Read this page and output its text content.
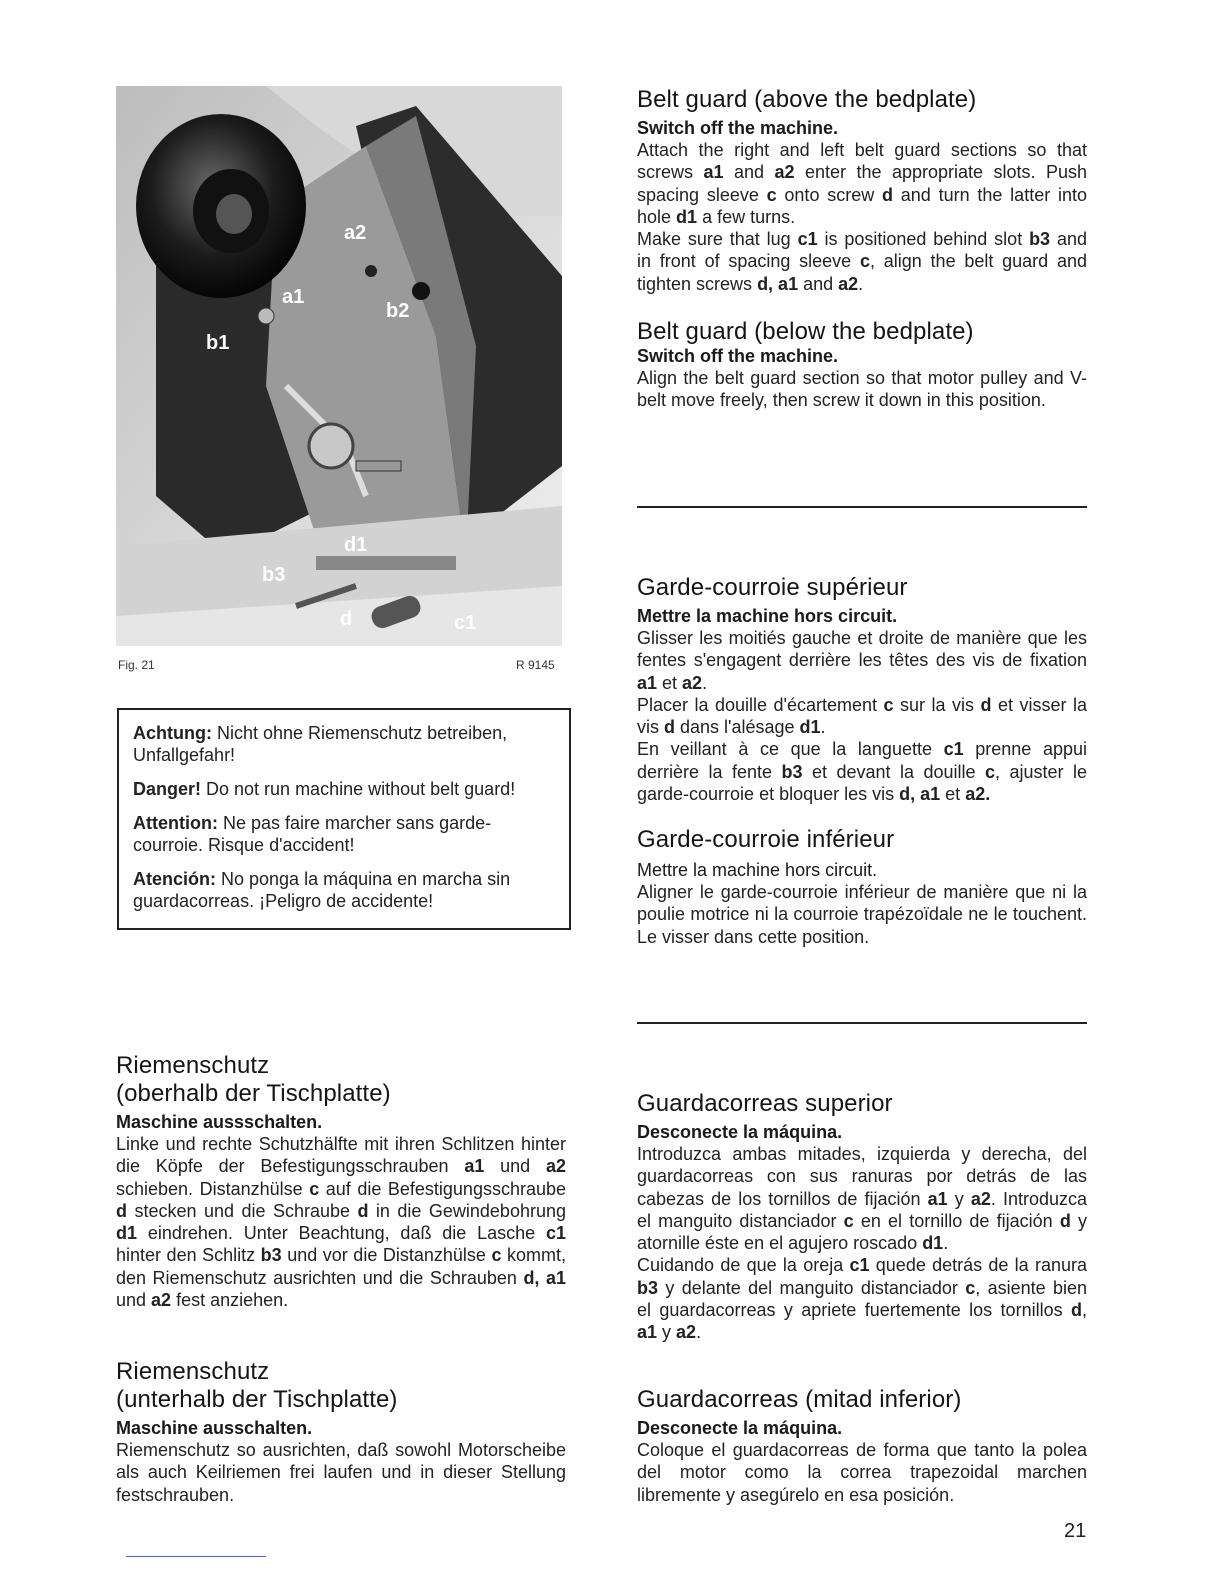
a2
a1
b2
b1
d1
b3
d	c1
Fig. 21	R 9145

Achtung: Nicht ohne Riemenschutz betreiben, Unfallgefahr!

Danger! Do not run machine without belt guard!

Attention: Ne pas faire marcher sans garde-courroie. Risque d'accident!

Atención: No ponga la máquina en marcha sin guardacorreas. ¡Peligro de accidente!

Belt guard (above the bedplate)
Switch off the machine.

Attach the right and left belt guard sections so that screws a1 and a2 enter the appropriate slots. Push spacing sleeve c onto screw d and turn the latter into hole d1 a few turns.

Make sure that lug c1 is positioned behind slot b3 and in front of spacing sleeve c, align the belt guard and tighten screws d, a1 and a2.

Belt guard (below the bedplate)
Switch off the machine.

Align the belt guard section so that motor pulley and V-belt move freely, then screw it down in this position.

Garde-courroie supérieur
Mettre la machine hors circuit.

Glisser les moitiés gauche et droite de manière que les fentes s'engagent derrière les têtes des vis de fixation a1 et a2.

Placer la douille d'écartement c sur la vis d et visser la vis d dans l'alésage d1.

En veillant à ce que la languette c1 prenne appui derrière la fente b3 et devant la douille c, ajuster le garde-courroie et bloquer les vis d, a1 et a2.

Garde-courroie inférieur
Mettre la machine hors circuit.

Aligner le garde-courroie inférieur de manière que ni la poulie motrice ni la courroie trapézoïdale ne le touchent. Le visser dans cette position.

Riemenschutz
(oberhalb der Tischplatte)
Maschine aussschalten.

Linke und rechte Schutzhälfte mit ihren Schlitzen hinter die Köpfe der Befestigungsschrauben a1 und a2 schieben. Distanzhülse c auf die Befestigungsschraube d stecken und die Schraube d in die Gewindebohrung d1 eindrehen. Unter Beachtung, daß die Lasche c1 hinter den Schlitz b3 und vor die Distanzhülse c kommt, den Riemenschutz ausrichten und die Schrauben d, a1 und a2 fest anziehen.

Riemenschutz
(unterhalb der Tischplatte)
Maschine ausschalten.

Riemenschutz so ausrichten, daß sowohl Motorscheibe als auch Keilriemen frei laufen und in dieser Stellung festschrauben.

Guardacorreas superior
Desconecte la máquina.

Introduzca ambas mitades, izquierda y derecha, del guardacorreas con sus ranuras por detrás de las cabezas de los tornillos de fijación a1 y a2. Introduzca el manguito distanciador c en el tornillo de fijación d y atornille éste en el agujero roscado d1.

Cuidando de que la oreja c1 quede detrás de la ranura b3 y delante del manguito distanciador c, asiente bien el guardacorreas y apriete fuertemente los tornillos d, a1 y a2.

Guardacorreas (mitad inferior)
Desconecte la máquina.

Coloque el guardacorreas de forma que tanto la polea del motor como la correa trapezoidal marchen libremente y asegúrelo en esa posición.

21
